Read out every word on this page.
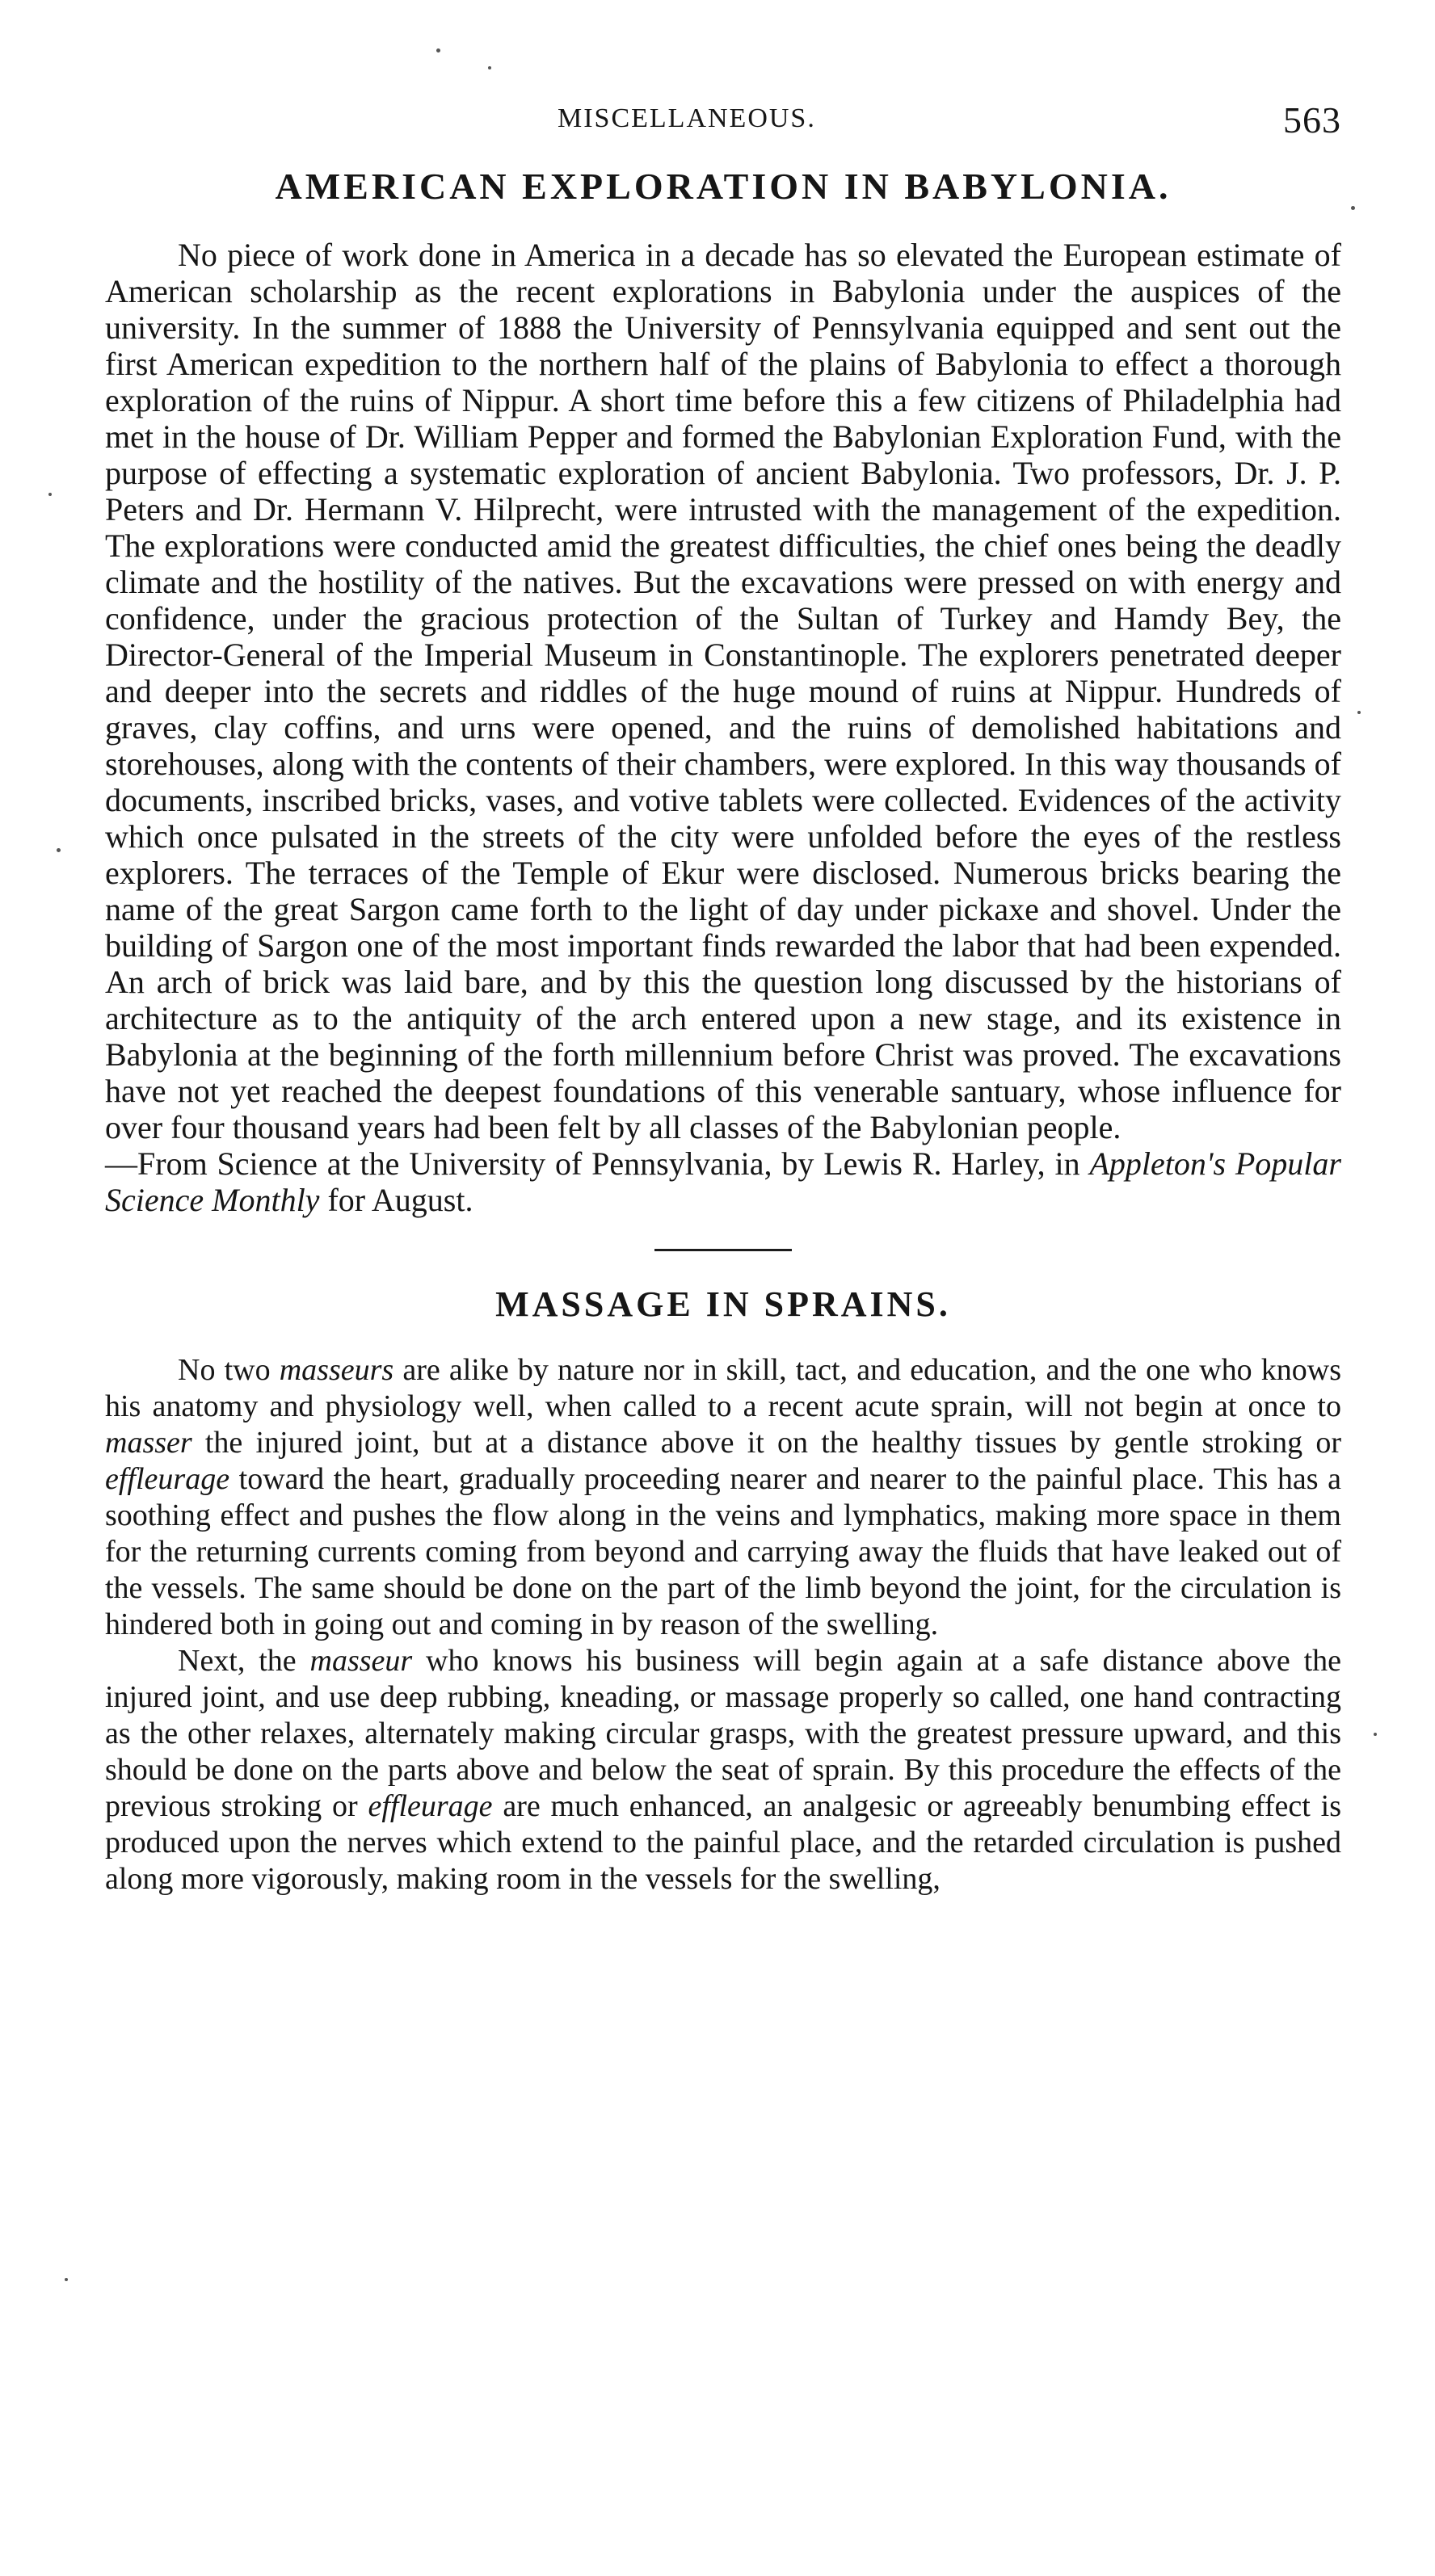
MISCELLANEOUS.	563
AMERICAN EXPLORATION IN BABYLONIA.

No piece of work done in America in a decade has so elevated the European estimate of American scholarship as the recent explorations in Babylonia under the auspices of the university. In the summer of 1888 the University of Pennsylvania equipped and sent out the first American expedition to the northern half of the plains of Babylonia to effect a thorough exploration of the ruins of Nippur. A short time before this a few citizens of Philadelphia had met in the house of Dr. William Pepper and formed the Babylonian Exploration Fund, with the purpose of effecting a systematic exploration of ancient Babylonia. Two professors, Dr. J. P. Peters and Dr. Hermann V. Hilprecht, were intrusted with the management of the expedition. The explorations were conducted amid the greatest difficulties, the chief ones being the deadly climate and the hostility of the natives. But the excavations were pressed on with energy and confidence, under the gracious protection of the Sultan of Turkey and Hamdy Bey, the Director-General of the Imperial Museum in Constantinople. The explorers penetrated deeper and deeper into the secrets and riddles of the huge mound of ruins at Nippur. Hundreds of graves, clay coffins, and urns were opened, and the ruins of demolished habitations and storehouses, along with the contents of their chambers, were explored. In this way thousands of documents, inscribed bricks, vases, and votive tablets were collected. Evidences of the activity which once pulsated in the streets of the city were unfolded before the eyes of the restless explorers. The terraces of the Temple of Ekur were disclosed. Numerous bricks bearing the name of the great Sargon came forth to the light of day under pickaxe and shovel. Under the building of Sargon one of the most important finds rewarded the labor that had been expended. An arch of brick was laid bare, and by this the question long discussed by the historians of architecture as to the antiquity of the arch entered upon a new stage, and its existence in Babylonia at the beginning of the forth millennium before Christ was proved. The excavations have not yet reached the deepest foundations of this venerable santuary, whose influence for over four thousand years had been felt by all classes of the Babylonian people.

—From Science at the University of Pennsylvania, by Lewis R. Harley, in Appleton's Popular Science Monthly for August.

MASSAGE IN SPRAINS.

No two masseurs are alike by nature nor in skill, tact, and education, and the one who knows his anatomy and physiology well, when called to a recent acute sprain, will not begin at once to masser the injured joint, but at a distance above it on the healthy tissues by gentle stroking or effleurage toward the heart, gradually proceeding nearer and nearer to the painful place. This has a soothing effect and pushes the flow along in the veins and lymphatics, making more space in them for the returning currents coming from beyond and carrying away the fluids that have leaked out of the vessels. The same should be done on the part of the limb beyond the joint, for the circulation is hindered both in going out and coming in by reason of the swelling.

Next, the masseur who knows his business will begin again at a safe distance above the injured joint, and use deep rubbing, kneading, or massage properly so called, one hand contracting as the other relaxes, alternately making circular grasps, with the greatest pressure upward, and this should be done on the parts above and below the seat of sprain. By this procedure the effects of the previous stroking or effleurage are much enhanced, an analgesic or agreeably benumbing effect is produced upon the nerves which extend to the painful place, and the retarded circulation is pushed along more vigorously, making room in the vessels for the swelling,
